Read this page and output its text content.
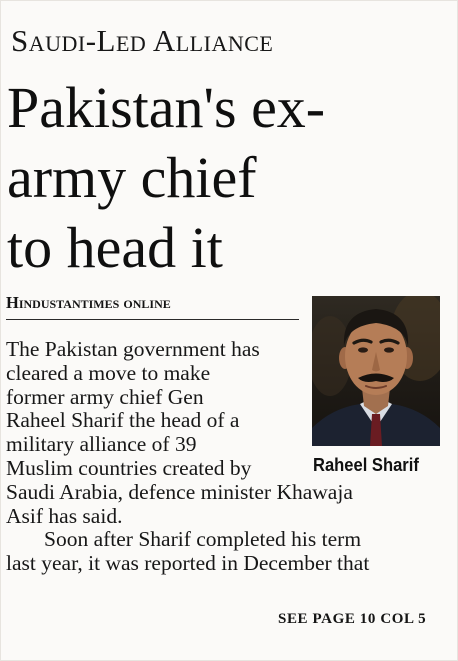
Saudi-Led Alliance
Pakistan's ex-
army chief
to head it
Hindustantimes online
Raheel Sharif

The Pakistan government has
cleared a move to make
former army chief Gen
Raheel Sharif the head of a
military alliance of 39
Muslim countries created by
Saudi Arabia, defence minister Khawaja
Asif has said.
Soon after Sharif completed his term
last year, it was reported in December that

SEE PAGE 10 COL 5
